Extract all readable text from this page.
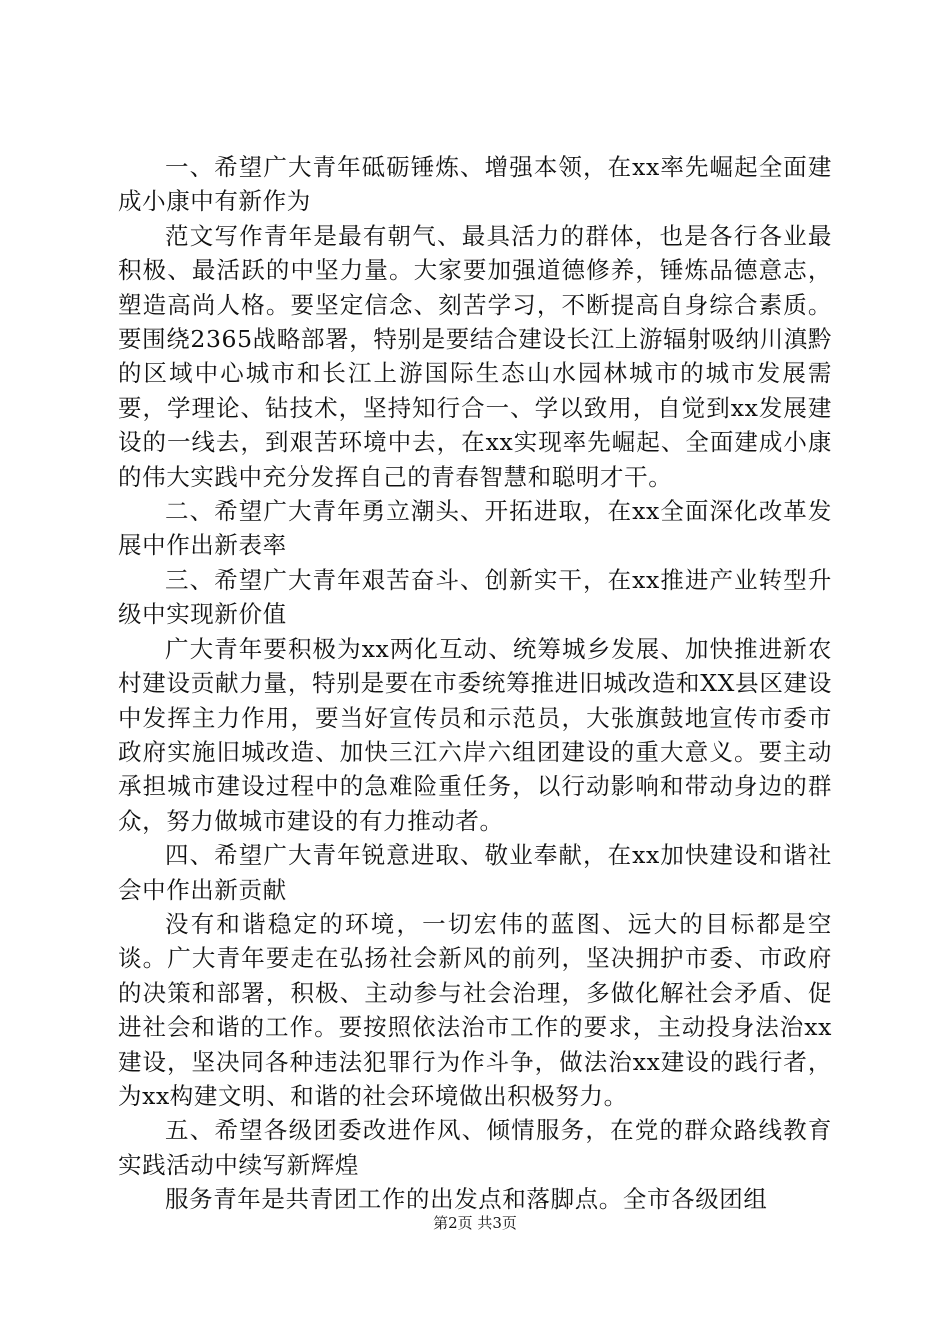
一、希望广大青年砥砺锤炼、增强本领，在xx率先崛起全面建成小康中有新作为

范文写作青年是最有朝气、最具活力的群体，也是各行各业最积极、最活跃的中坚力量。大家要加强道德修养，锤炼品德意志，塑造高尚人格。要坚定信念、刻苦学习，不断提高自身综合素质。要围绕2365战略部署，特别是要结合建设长江上游辐射吸纳川滇黔的区域中心城市和长江上游国际生态山水园林城市的城市发展需要，学理论、钻技术，坚持知行合一、学以致用，自觉到xx发展建设的一线去，到艰苦环境中去，在xx实现率先崛起、全面建成小康的伟大实践中充分发挥自己的青春智慧和聪明才干。

二、希望广大青年勇立潮头、开拓进取，在xx全面深化改革发展中作出新表率

三、希望广大青年艰苦奋斗、创新实干，在xx推进产业转型升级中实现新价值

广大青年要积极为xx两化互动、统筹城乡发展、加快推进新农村建设贡献力量，特别是要在市委统筹推进旧城改造和XX县区建设中发挥主力作用，要当好宣传员和示范员，大张旗鼓地宣传市委市政府实施旧城改造、加快三江六岸六组团建设的重大意义。要主动承担城市建设过程中的急难险重任务，以行动影响和带动身边的群众，努力做城市建设的有力推动者。

四、希望广大青年锐意进取、敬业奉献，在xx加快建设和谐社会中作出新贡献

没有和谐稳定的环境，一切宏伟的蓝图、远大的目标都是空谈。广大青年要走在弘扬社会新风的前列，坚决拥护市委、市政府的决策和部署，积极、主动参与社会治理，多做化解社会矛盾、促进社会和谐的工作。要按照依法治市工作的要求，主动投身法治xx建设，坚决同各种违法犯罪行为作斗争，做法治xx建设的践行者，为xx构建文明、和谐的社会环境做出积极努力。

五、希望各级团委改进作风、倾情服务，在党的群众路线教育实践活动中续写新辉煌

服务青年是共青团工作的出发点和落脚点。全市各级团组

第2页 共3页
